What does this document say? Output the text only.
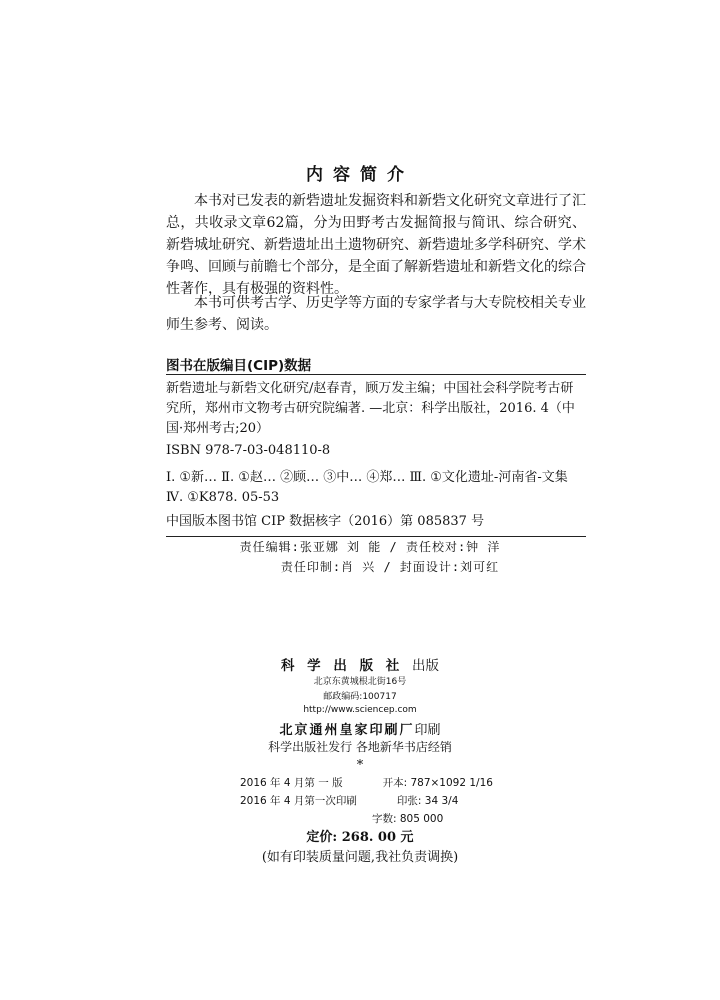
内容简介

本书对已发表的新砦遗址发掘资料和新砦文化研究文章进行了汇总，共收录文章62篇，分为田野考古发掘简报与简讯、综合研究、新砦城址研究、新砦遗址出土遗物研究、新砦遗址多学科研究、学术争鸣、回顾与前瞻七个部分，是全面了解新砦遗址和新砦文化的综合性著作，具有极强的资料性。

本书可供考古学、历史学等方面的专家学者与大专院校相关专业师生参考、阅读。

图书在版编目(CIP)数据
新砦遗址与新砦文化研究/赵春青，顾万发主编；中国社会科学院考古研究所，郑州市文物考古研究院编著. —北京：科学出版社，2016. 4（中国·郑州考古;20）
ISBN 978-7-03-048110-8
Ⅰ. ①新… Ⅱ. ①赵… ②顾… ③中… ④郑… Ⅲ. ①文化遗址-河南省-文集 Ⅳ. ①K878. 05-53
中国版本图书馆 CIP 数据核字（2016）第 085837 号
责任编辑:张亚娜 刘 能 / 责任校对:钟 洋
责任印制:肖 兴 / 封面设计:刘可红
科 学 出 版 社 出版
北京东黄城根北街16号
邮政编码:100717
http://www.sciencep.com
北京通州皇家印刷厂印刷
科学出版社发行 各地新华书店经销
*
2016 年 4 月第 一 版	开本: 787×1092 1/16
2016 年 4 月第一次印刷	印张: 34 3/4
字数: 805 000
定价: 268. 00 元
(如有印装质量问题,我社负责调换)
